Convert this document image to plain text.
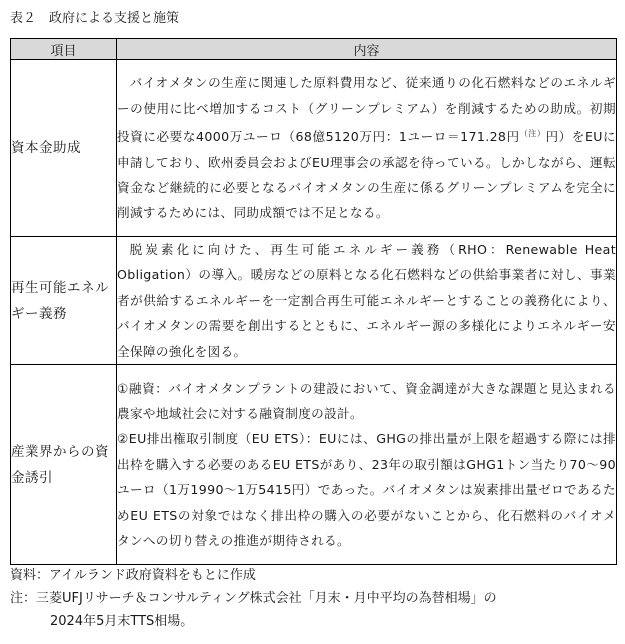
表２　政府による支援と施策
項目	内容
資本金助成	バイオメタンの生産に関連した原料費用など、従来通りの化石燃料などのエネルギーの使用に比べ増加するコスト（グリーンプレミアム）を削減するための助成。初期投資に必要な4000万ユーロ（68億5120万円：1ユーロ＝171.28円$^{(注)}$円）をEUに申請しており、欧州委員会およびEU理事会の承認を待っている。しかしながら、運転資金など継続的に必要となるバイオメタンの生産に係るグリーンプレミアムを完全に削減するためには、同助成額では不足となる。

再生可能エネルギー義務	脱炭素化に向けた、再生可能エネルギー義務（RHO：Renewable Heat Obligation）の導入。暖房などの原料となる化石燃料などの供給事業者に対し、事業者が供給するエネルギーを一定割合再生可能エネルギーとすることの義務化により、バイオメタンの需要を創出するとともに、エネルギー源の多様化によりエネルギー安全保障の強化を図る。

産業界からの資金誘引	①融資：バイオメタンプラントの建設において、資金調達が大きな課題と見込まれる農家や地域社会に対する融資制度の設計。

②EU排出権取引制度（EU ETS）：EUには、GHGの排出量が上限を超過する際には排出枠を購入する必要のあるEU ETSがあり、23年の取引額はGHG1トン当たり70～90ユーロ（1万1990～1万5415円）であった。バイオメタンは炭素排出量ゼロであるためEU ETSの対象ではなく排出枠の購入の必要がないことから、化石燃料のバイオメタンへの切り替えの推進が期待される。

資料：アイルランド政府資料をもとに作成
注：三菱UFJリサーチ＆コンサルティング株式会社「月末・月中平均の為替相場」の
2024年5月末TTS相場。
